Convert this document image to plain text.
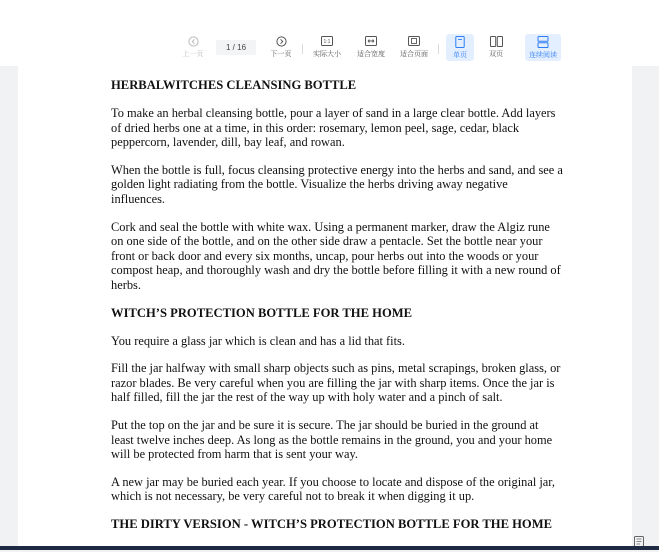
上一页
1
/ 16
下一页
1:1
实际大小 适合宽度 适合页面	单页	双页	连续阅读
HERBALWITCHES CLEANSING BOTTLE

To make an herbal cleansing bottle, pour a layer of sand in a large clear bottle. Add layers of dried herbs one at a time, in this order: rosemary, lemon peel, sage, cedar, black peppercorn, lavender, dill, bay leaf, and rowan.

When the bottle is full, focus cleansing protective energy into the herbs and sand, and see a golden light radiating from the bottle. Visualize the herbs driving away negative influences.

Cork and seal the bottle with white wax. Using a permanent marker, draw the Algiz rune on one side of the bottle, and on the other side draw a pentacle. Set the bottle near your front or back door and every six months, uncap, pour herbs out into the woods or your compost heap, and thoroughly wash and dry the bottle before filling it with a new round of herbs.

WITCH’S PROTECTION BOTTLE FOR THE HOME

You require a glass jar which is clean and has a lid that fits.

Fill the jar halfway with small sharp objects such as pins, metal scrapings, broken glass, or razor blades. Be very careful when you are filling the jar with sharp items. Once the jar is half filled, fill the jar the rest of the way up with holy water and a pinch of salt.

Put the top on the jar and be sure it is secure. The jar should be buried in the ground at least twelve inches deep. As long as the bottle remains in the ground, you and your home will be protected from harm that is sent your way.

A new jar may be buried each year. If you choose to locate and dispose of the original jar, which is not necessary, be very careful not to break it when digging it up.

THE DIRTY VERSION - WITCH’S PROTECTION BOTTLE FOR THE HOME
